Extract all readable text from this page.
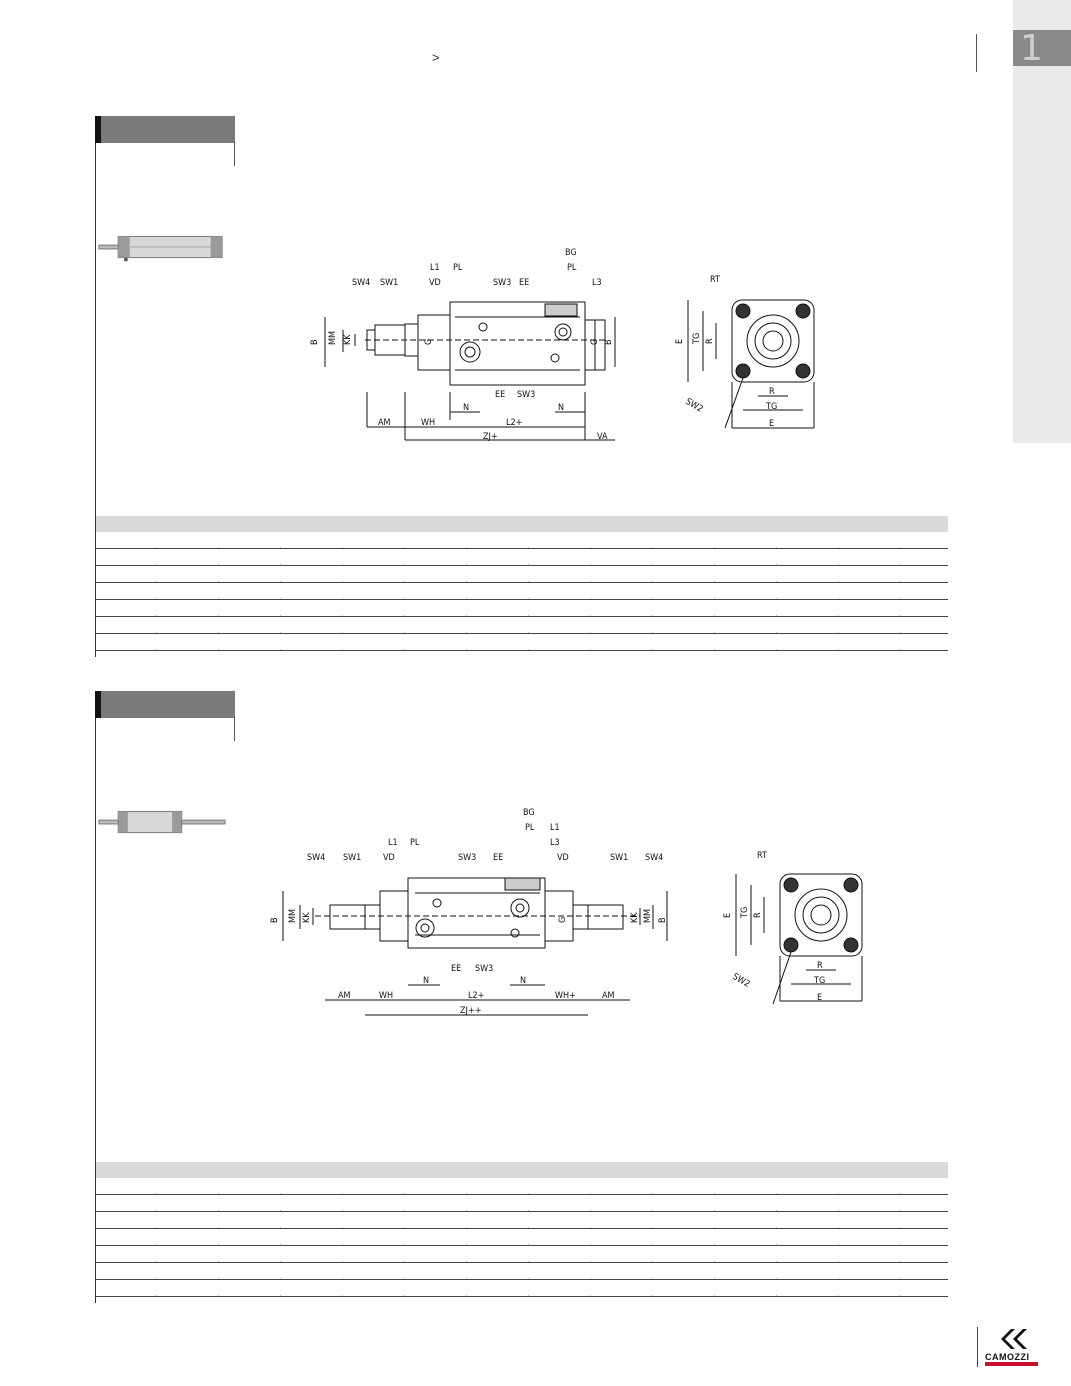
>	1
SW4 SW1
L1 PL
VD	SW3 EE
BG
PL
L3
B MM KK	G	G B
EE SW3
N	N
AM	WH	L2+
ZJ+	VA
RT
E TG R
SW2
R
TG
E
BG
PL L1
L1 PL	L3
SW4 SW1 VD	SW3 EE	VD	SW1 SW4
B MM KK	G	KK MM B
EE SW3
N	N
AM	WH	L2+	WH+	AM
ZJ++
RT
E TG R
SW2
R
TG
E
CAMOZZI
